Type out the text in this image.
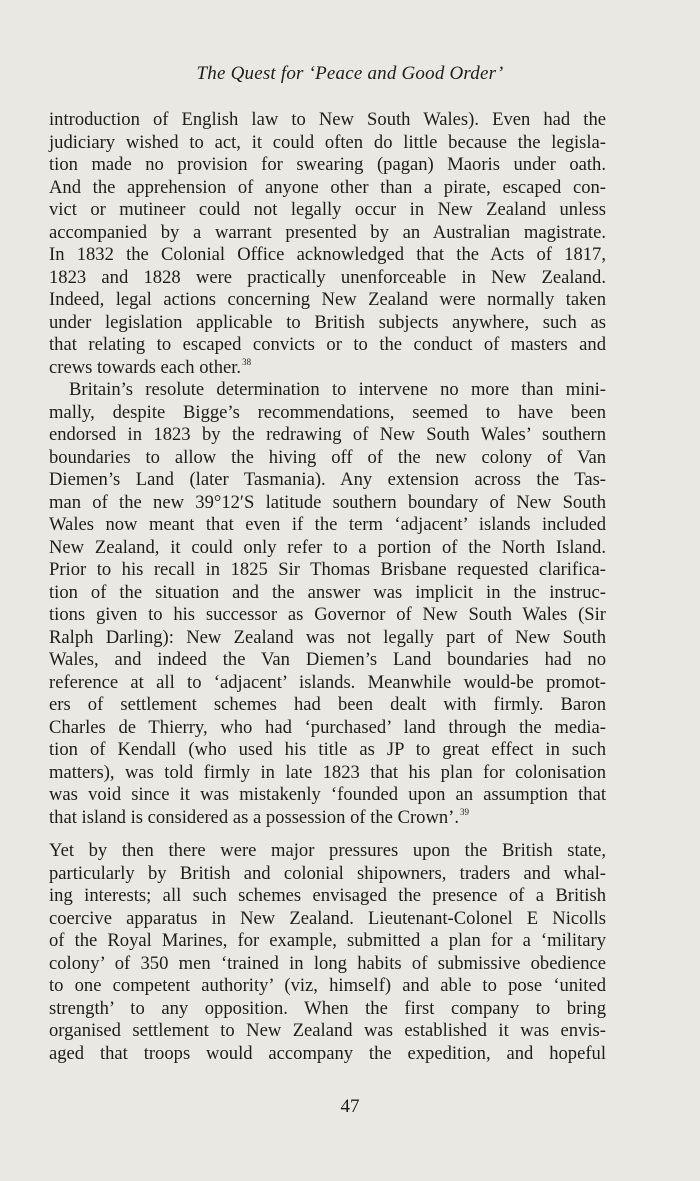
The Quest for ‘Peace and Good Order’
introduction of English law to New South Wales). Even had the
judiciary wished to act, it could often do little because the legisla-
tion made no provision for swearing (pagan) Maoris under oath.
And the apprehension of anyone other than a pirate, escaped con-
vict or mutineer could not legally occur in New Zealand unless
accompanied by a warrant presented by an Australian magistrate.
In 1832 the Colonial Office acknowledged that the Acts of 1817,
1823 and 1828 were practically unenforceable in New Zealand.
Indeed, legal actions concerning New Zealand were normally taken
under legislation applicable to British subjects anywhere, such as
that relating to escaped convicts or to the conduct of masters and
crews towards each other.$^{38}$
Britain’s resolute determination to intervene no more than mini-
mally, despite Bigge’s recommendations, seemed to have been
endorsed in 1823 by the redrawing of New South Wales’ southern
boundaries to allow the hiving off of the new colony of Van
Diemen’s Land (later Tasmania). Any extension across the Tas-
man of the new 39°12′S latitude southern boundary of New South
Wales now meant that even if the term ‘adjacent’ islands included
New Zealand, it could only refer to a portion of the North Island.
Prior to his recall in 1825 Sir Thomas Brisbane requested clarifica-
tion of the situation and the answer was implicit in the instruc-
tions given to his successor as Governor of New South Wales (Sir
Ralph Darling): New Zealand was not legally part of New South
Wales, and indeed the Van Diemen’s Land boundaries had no
reference at all to ‘adjacent’ islands. Meanwhile would-be promot-
ers of settlement schemes had been dealt with firmly. Baron
Charles de Thierry, who had ‘purchased’ land through the media-
tion of Kendall (who used his title as JP to great effect in such
matters), was told firmly in late 1823 that his plan for colonisation
was void since it was mistakenly ‘founded upon an assumption that
that island is considered as a possession of the Crown’.$^{39}$
Yet by then there were major pressures upon the British state,
particularly by British and colonial shipowners, traders and whal-
ing interests; all such schemes envisaged the presence of a British
coercive apparatus in New Zealand. Lieutenant-Colonel E Nicolls
of the Royal Marines, for example, submitted a plan for a ‘military
colony’ of 350 men ‘trained in long habits of submissive obedience
to one competent authority’ (viz, himself) and able to pose ‘united
strength’ to any opposition. When the first company to bring
organised settlement to New Zealand was established it was envis-
aged that troops would accompany the expedition, and hopeful
47
